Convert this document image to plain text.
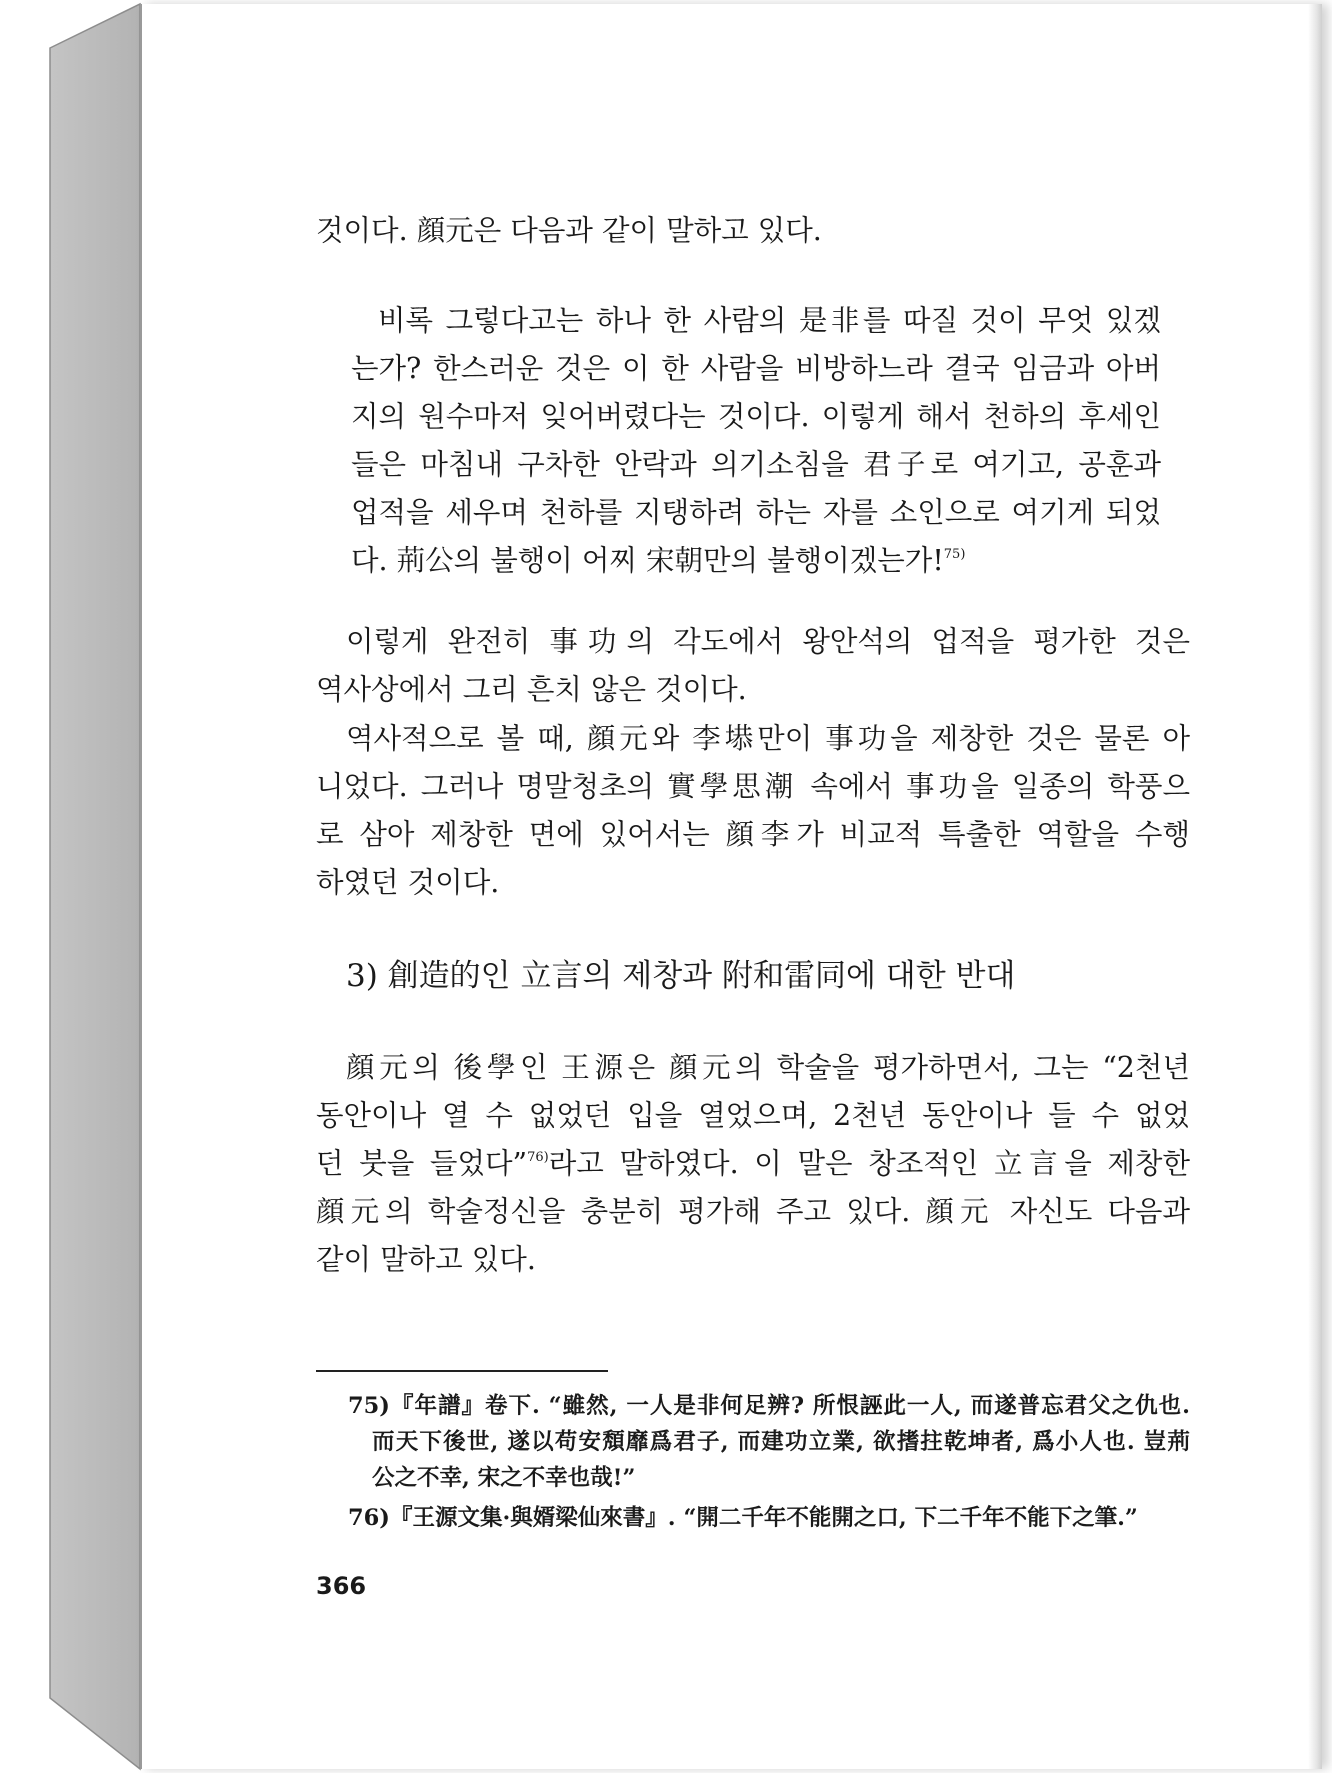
것이다. 顔元은 다음과 같이 말하고 있다.

비록 그렇다고는 하나 한 사람의 是非를 따질 것이 무엇 있겠

는가? 한스러운 것은 이 한 사람을 비방하느라 결국 임금과 아버

지의 원수마저 잊어버렸다는 것이다. 이렇게 해서 천하의 후세인

들은 마침내 구차한 안락과 의기소침을 君子로 여기고, 공훈과

업적을 세우며 천하를 지탱하려 하는 자를 소인으로 여기게 되었

다. 荊公의 불행이 어찌 宋朝만의 불행이겠는가!$^{75)}$

이렇게 완전히 事功의 각도에서 왕안석의 업적을 평가한 것은

역사상에서 그리 흔치 않은 것이다.

역사적으로 볼 때, 顔元와 李塨만이 事功을 제창한 것은 물론 아

니었다. 그러나 명말청초의 實學思潮 속에서 事功을 일종의 학풍으

로 삼아 제창한 면에 있어서는 顔李가 비교적 특출한 역할을 수행

하였던 것이다.

3) 創造的인 立言의 제창과 附和雷同에 대한 반대

顔元의 後學인 王源은 顔元의 학술을 평가하면서, 그는 “2천년

동안이나 열 수 없었던 입을 열었으며, 2천년 동안이나 들 수 없었

던 붓을 들었다”$^{76)}$라고 말하였다. 이 말은 창조적인 立言을 제창한

顔元의 학술정신을 충분히 평가해 주고 있다. 顔元 자신도 다음과

같이 말하고 있다.

75)『年譜』卷下. “雖然, 一人是非何足辨? 所恨誣此一人, 而遂普忘君父之仇也.

而天下後世, 遂以苟安頽靡爲君子, 而建功立業, 欲搘拄乾坤者, 爲小人也. 豈荊

公之不幸, 宋之不幸也哉!”

76)『王源文集·與婿梁仙來書』. “開二千年不能開之口, 下二千年不能下之筆.”

366
